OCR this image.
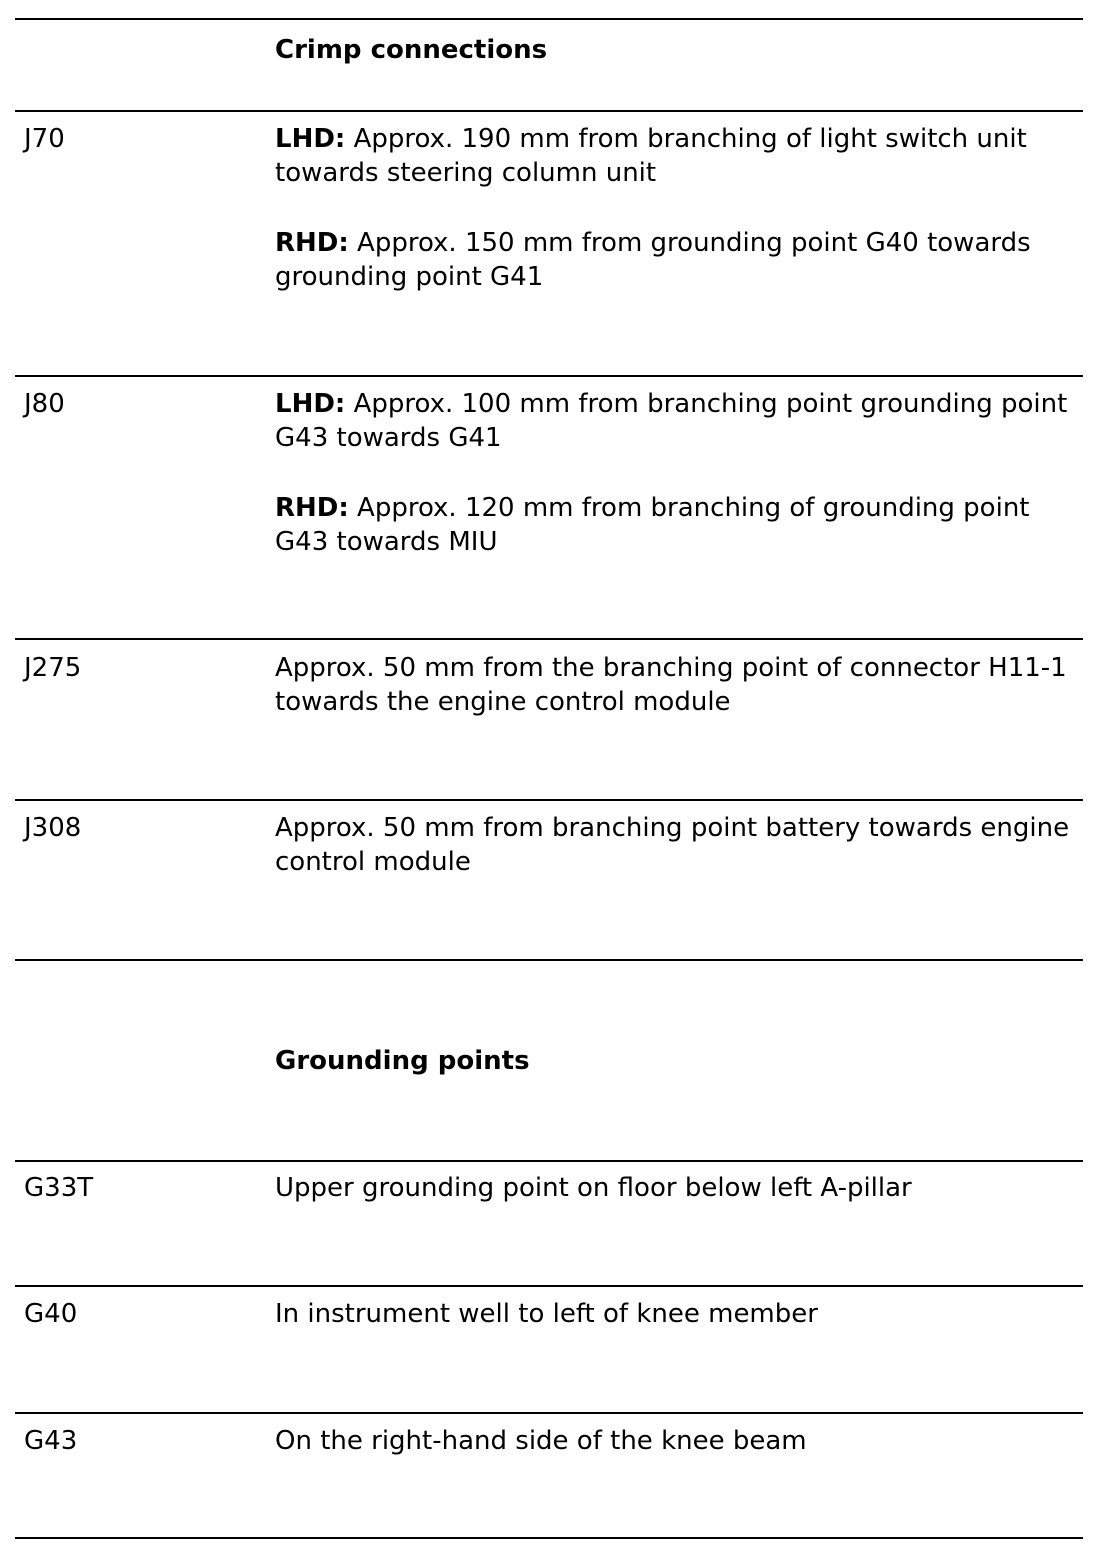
Crimp connections
J70	LHD: Approx. 190 mm from branching of light switch unit towards steering column unit
RHD: Approx. 150 mm from grounding point G40 towards grounding point G41
J80	LHD: Approx. 100 mm from branching point grounding point G43 towards G41
RHD: Approx. 120 mm from branching of grounding point G43 towards MIU
J275	Approx. 50 mm from the branching point of connector H11-1 towards the engine control module
J308	Approx. 50 mm from branching point battery towards engine control module
Grounding points
G33T	Upper grounding point on floor below left A-pillar
G40	In instrument well to left of knee member
G43	On the right-hand side of the knee beam
